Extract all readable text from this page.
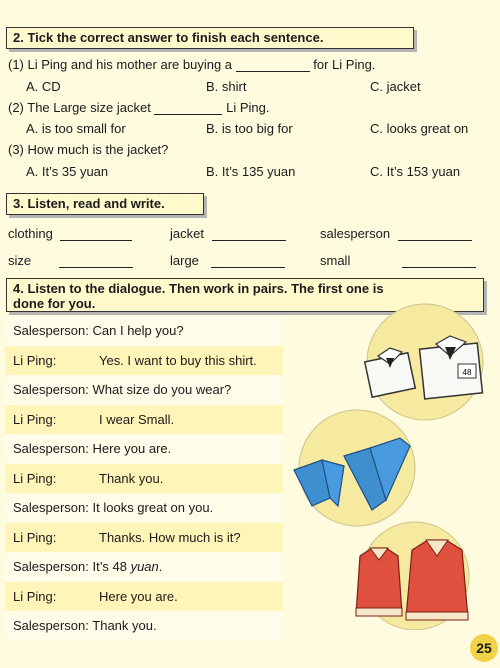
2. Tick the correct answer to finish each sentence.
(1) Li Ping and his mother are buying a	for Li Ping.
A. CD	B. shirt	C. jacket
(2) The Large size jacket	Li Ping.
A. is too small for	B. is too big for	C. looks great on
(3) How much is the jacket?
A. It’s 35 yuan	B. It’s 135 yuan	C. It’s 153 yuan
3. Listen, read and write.
clothing	jacket	salesperson
size	large	small
4. Listen to the dialogue. Then work in pairs. The first one is
done for you.
Salesperson: Can I help you?
Li Ping:	Yes. I want to buy this shirt.
Salesperson: What size do you wear?
Li Ping:	I wear Small.
Salesperson: Here you are.
Li Ping:	Thank you.
Salesperson: It looks great on you.
Li Ping:	Thanks. How much is it?
Salesperson: It’s 48 yuan.
Li Ping:	Here you are.
Salesperson: Thank you.
48
25
